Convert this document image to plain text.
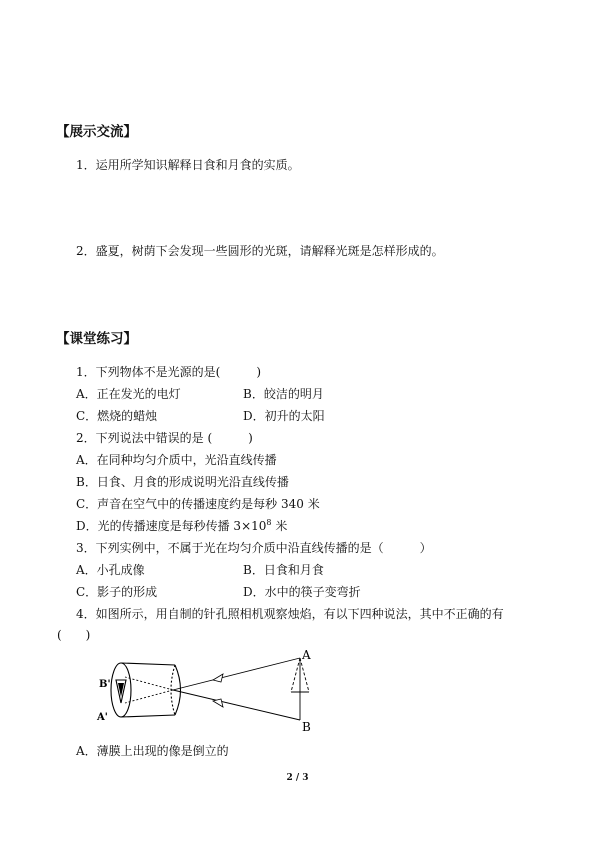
【展示交流】
1．运用所学知识解释日食和月食的实质。
2．盛夏，树荫下会发现一些圆形的光斑，请解释光斑是怎样形成的。
【课堂练习】
1．下列物体不是光源的是(　　　)
A．正在发光的电灯	B．皎洁的明月
C．燃烧的蜡烛	D．初升的太阳
2．下列说法中错误的是 (　　　)
A．在同种均匀介质中，光沿直线传播
B．日食、月食的形成说明光沿直线传播
C．声音在空气中的传播速度约是每秒 340 米
D．光的传播速度是每秒传播 $3\times 10^8$ 米
3．下列实例中，不属于光在均匀介质中沿直线传播的是（　　　）
A．小孔成像	B．日食和月食
C．影子的形成	D．水中的筷子变弯折
4．如图所示，用自制的针孔照相机观察烛焰，有以下四种说法，其中不正确的有
(　　)
A
B
B'
A'
A．薄膜上出现的像是倒立的
2 / 3
